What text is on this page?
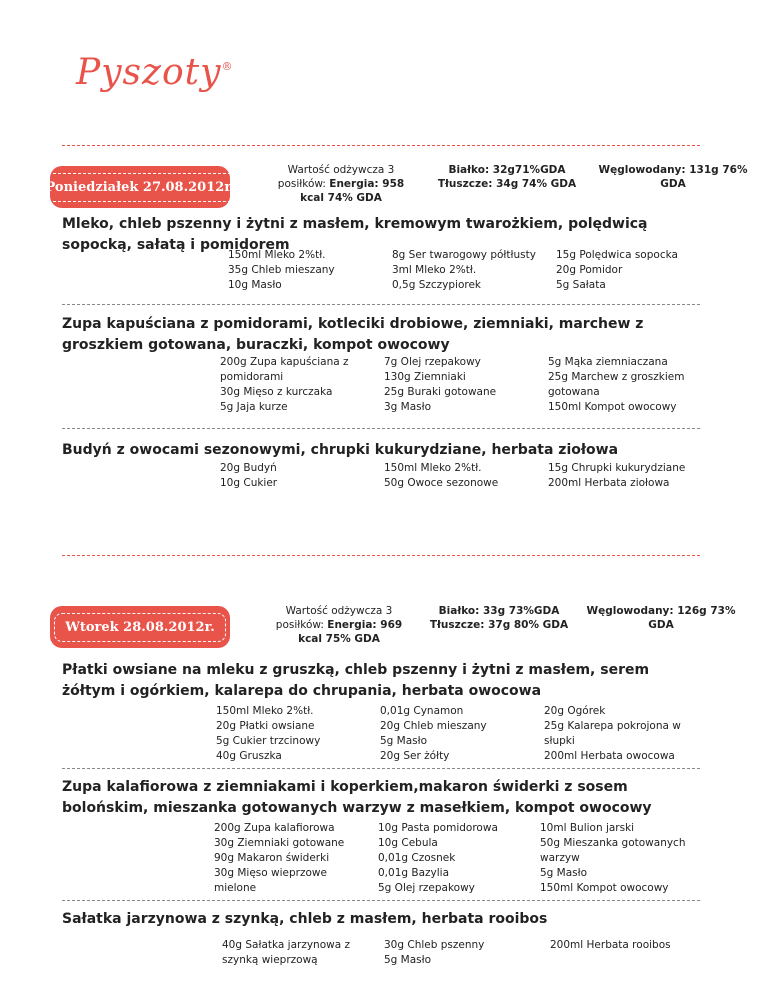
Pyszoty®
Poniedziałek 27.08.2012r.
Wartość odżywcza 3 posiłków: Energia: 958 kcal 74% GDA
Białko: 32g71%GDA
Tłuszcze: 34g 74% GDA
Węglowodany: 131g 76% GDA
Mleko, chleb pszenny i żytni z masłem, kremowym twarożkiem, polędwicą sopocką, sałatą i pomidorem
150ml Mleko 2%tł.
35g Chleb mieszany
10g Masło
8g Ser twarogowy półtłusty
3ml Mleko 2%tł.
0,5g Szczypiorek
15g Polędwica sopocka
20g Pomidor
5g Sałata
Zupa kapuściana z pomidorami, kotleciki drobiowe, ziemniaki, marchew z groszkiem gotowana, buraczki, kompot owocowy
200g Zupa kapuściana z pomidorami
30g Mięso z kurczaka
5g Jaja kurze
7g Olej rzepakowy
130g Ziemniaki
25g Buraki gotowane
3g Masło
5g Mąka ziemniaczana
25g Marchew z groszkiem gotowana
150ml Kompot owocowy
Budyń z owocami sezonowymi, chrupki kukurydziane, herbata ziołowa
20g Budyń
10g Cukier
150ml Mleko 2%tł.
50g Owoce sezonowe
15g Chrupki kukurydziane
200ml Herbata ziołowa
Wtorek 28.08.2012r.
Wartość odżywcza 3 posiłków: Energia: 969 kcal 75% GDA
Białko: 33g 73%GDA
Tłuszcze: 37g 80% GDA
Węglowodany: 126g 73% GDA
Płatki owsiane na mleku z gruszką, chleb pszenny i żytni z masłem, serem żółtym i ogórkiem, kalarepa do chrupania, herbata owocowa
150ml Mleko 2%tł.
20g Płatki owsiane
5g Cukier trzcinowy
40g Gruszka
0,01g Cynamon
20g Chleb mieszany
5g Masło
20g Ser żółty
20g Ogórek
25g Kalarepa pokrojona w słupki
200ml Herbata owocowa
Zupa kalafiorowa z ziemniakami i koperkiem,makaron świderki z sosem bolońskim, mieszanka gotowanych warzyw z masełkiem, kompot owocowy
200g Zupa kalafiorowa
30g Ziemniaki gotowane
90g Makaron świderki
30g Mięso wieprzowe mielone
10g Pasta pomidorowa
10g Cebula
0,01g Czosnek
0,01g Bazylia
5g Olej rzepakowy
10ml Bulion jarski
50g Mieszanka gotowanych warzyw
5g Masło
150ml Kompot owocowy
Sałatka jarzynowa z szynką, chleb z masłem, herbata rooibos
40g Sałatka jarzynowa z szynką wieprzową
30g Chleb pszenny
5g Masło
200ml Herbata rooibos
